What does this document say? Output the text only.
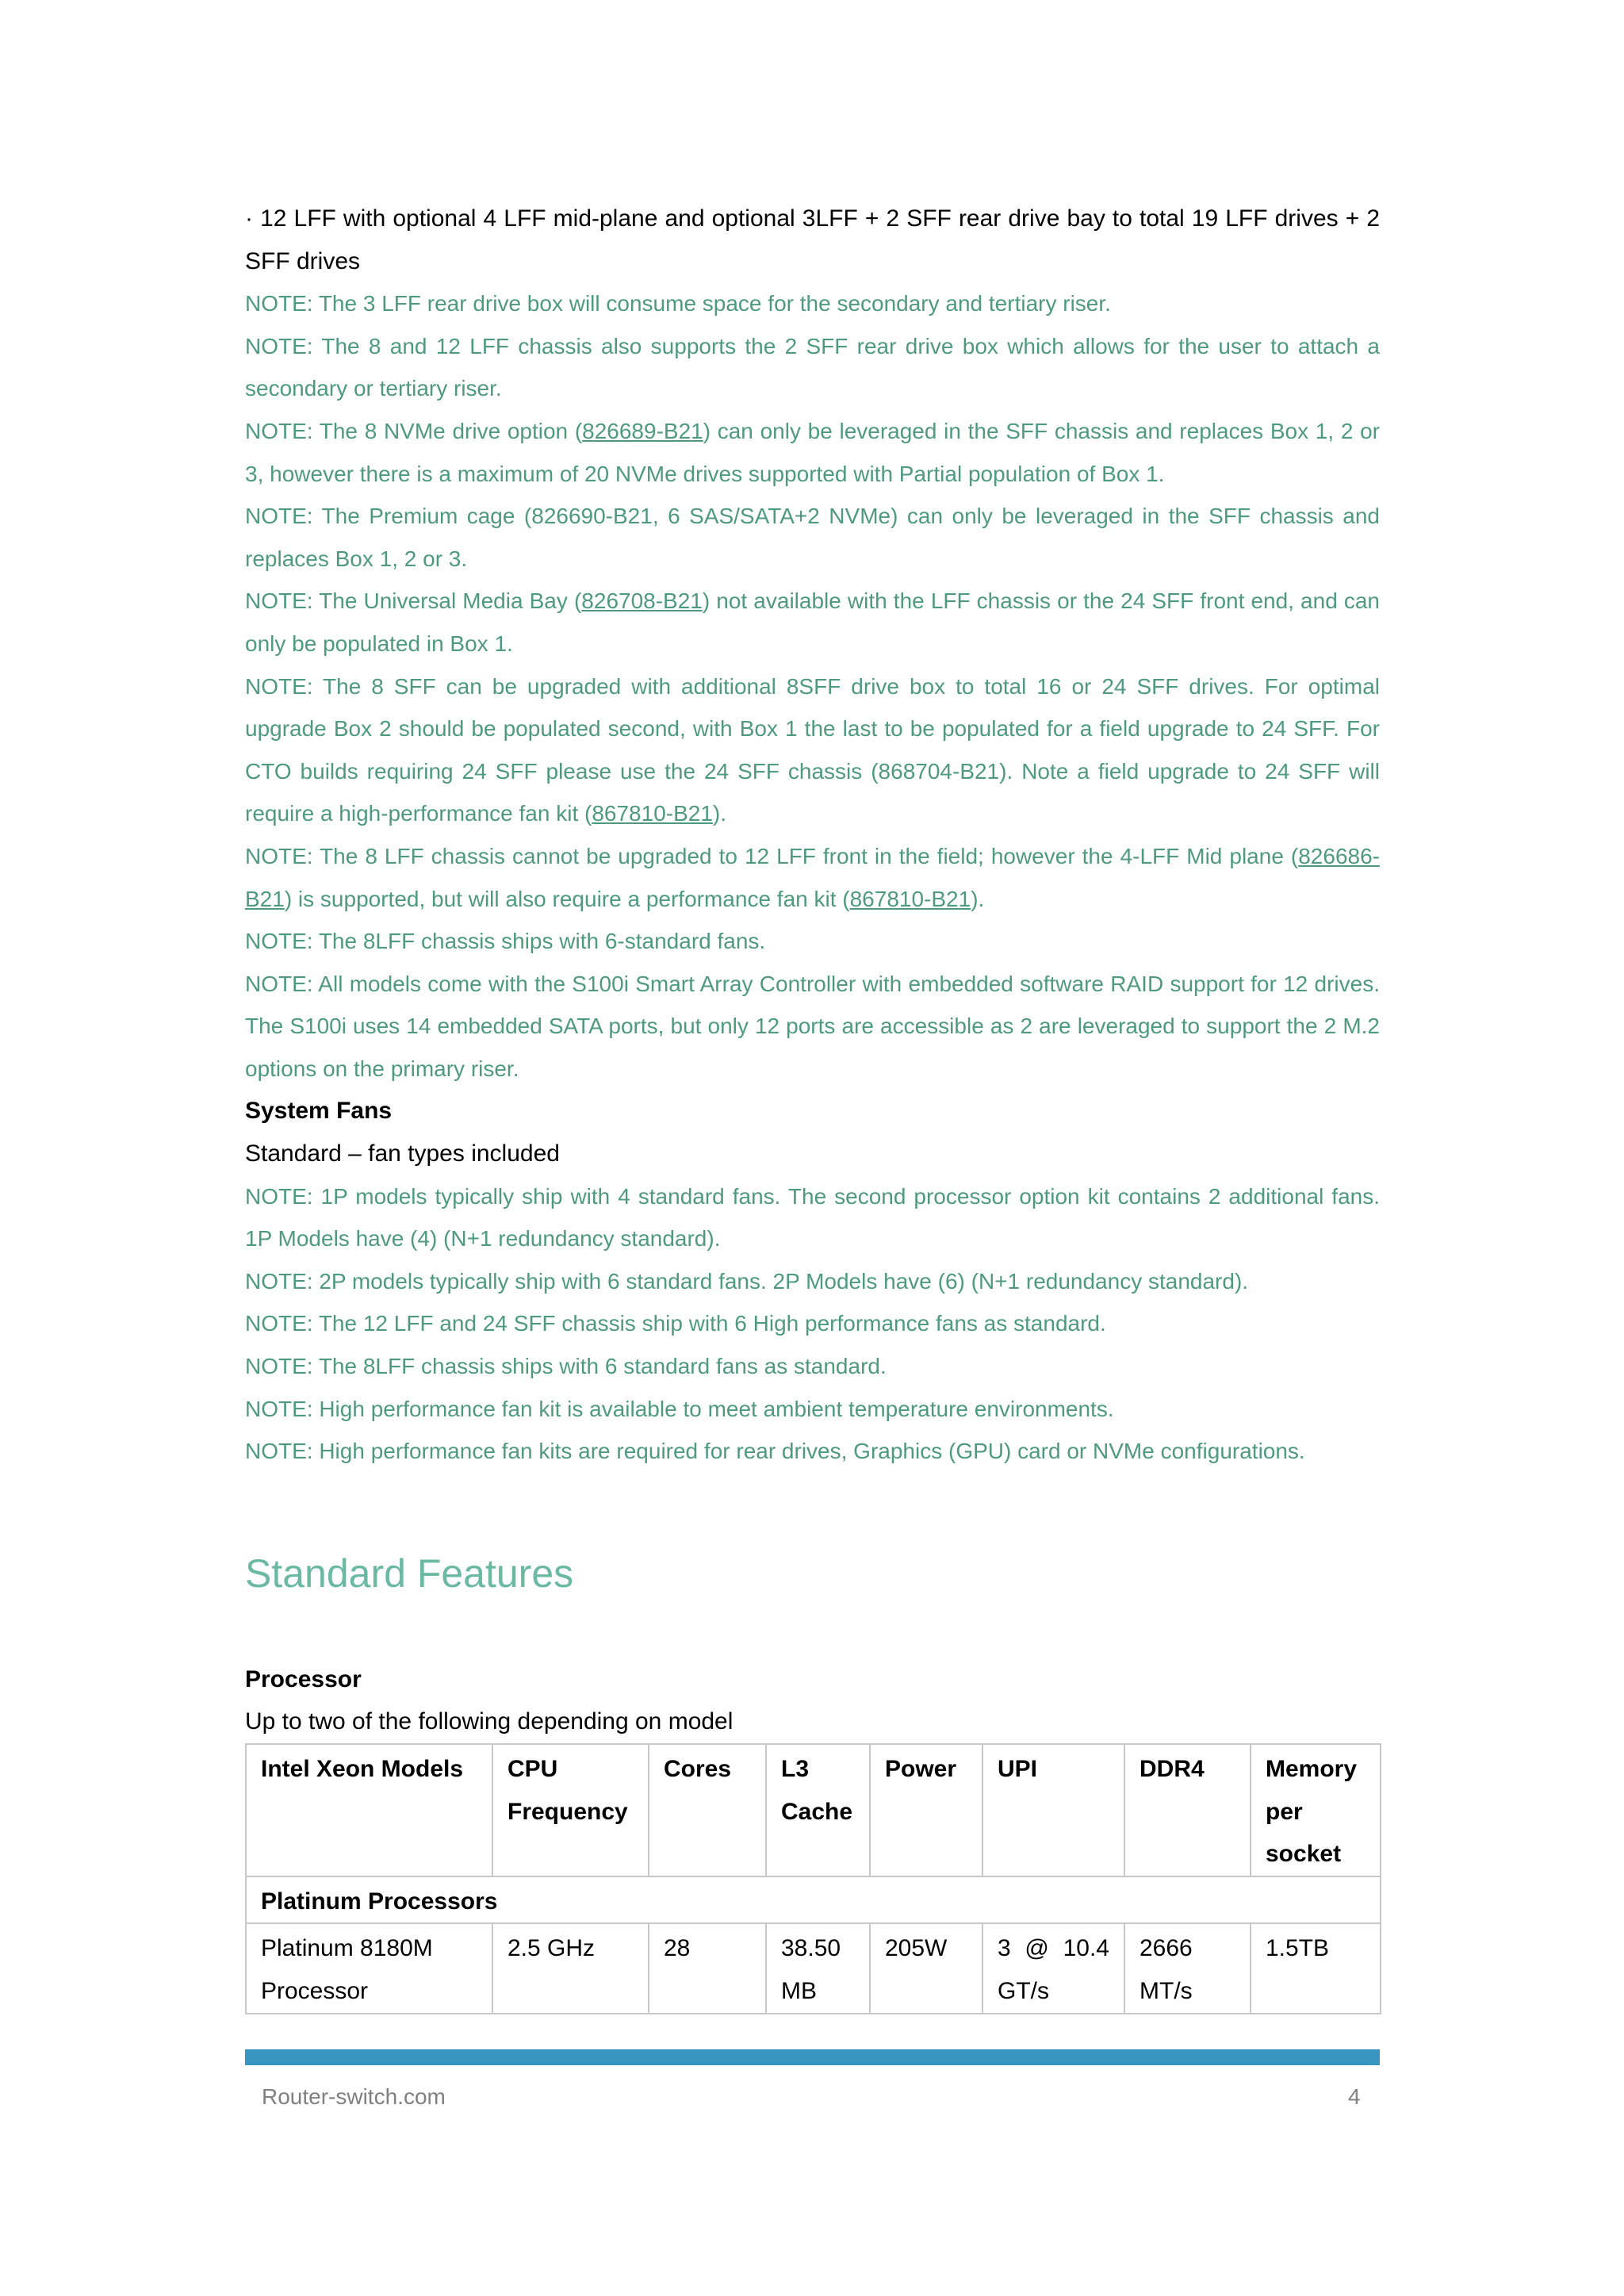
· 12 LFF with optional 4 LFF mid-plane and optional 3LFF + 2 SFF rear drive bay to total 19 LFF drives + 2 SFF drives
NOTE: The 3 LFF rear drive box will consume space for the secondary and tertiary riser.
NOTE: The 8 and 12 LFF chassis also supports the 2 SFF rear drive box which allows for the user to attach a secondary or tertiary riser.
NOTE: The 8 NVMe drive option (826689-B21) can only be leveraged in the SFF chassis and replaces Box 1, 2 or 3, however there is a maximum of 20 NVMe drives supported with Partial population of Box 1.
NOTE: The Premium cage (826690-B21, 6 SAS/SATA+2 NVMe) can only be leveraged in the SFF chassis and replaces Box 1, 2 or 3.
NOTE: The Universal Media Bay (826708-B21) not available with the LFF chassis or the 24 SFF front end, and can only be populated in Box 1.
NOTE: The 8 SFF can be upgraded with additional 8SFF drive box to total 16 or 24 SFF drives. For optimal upgrade Box 2 should be populated second, with Box 1 the last to be populated for a field upgrade to 24 SFF. For CTO builds requiring 24 SFF please use the 24 SFF chassis (868704-B21). Note a field upgrade to 24 SFF will require a high-performance fan kit (867810-B21).
NOTE: The 8 LFF chassis cannot be upgraded to 12 LFF front in the field; however the 4-LFF Mid plane (826686-B21) is supported, but will also require a performance fan kit (867810-B21).
NOTE: The 8LFF chassis ships with 6-standard fans.
NOTE: All models come with the S100i Smart Array Controller with embedded software RAID support for 12 drives. The S100i uses 14 embedded SATA ports, but only 12 ports are accessible as 2 are leveraged to support the 2 M.2 options on the primary riser.
System Fans
Standard – fan types included
NOTE: 1P models typically ship with 4 standard fans. The second processor option kit contains 2 additional fans. 1P Models have (4) (N+1 redundancy standard).
NOTE: 2P models typically ship with 6 standard fans. 2P Models have (6) (N+1 redundancy standard).
NOTE: The 12 LFF and 24 SFF chassis ship with 6 High performance fans as standard.
NOTE: The 8LFF chassis ships with 6 standard fans as standard.
NOTE: High performance fan kit is available to meet ambient temperature environments.
NOTE: High performance fan kits are required for rear drives, Graphics (GPU) card or NVMe configurations.
Standard Features
Processor
Up to two of the following depending on model
Intel Xeon Models	CPU Frequency	Cores	L3 Cache	Power	UPI	DDR4	Memory per socket
Platinum Processors							
Platinum 8180M Processor	2.5 GHz	28	38.50 MB	205W	3 @ 10.4 GT/s	2666 MT/s	1.5TB
Router-switch.com	4
